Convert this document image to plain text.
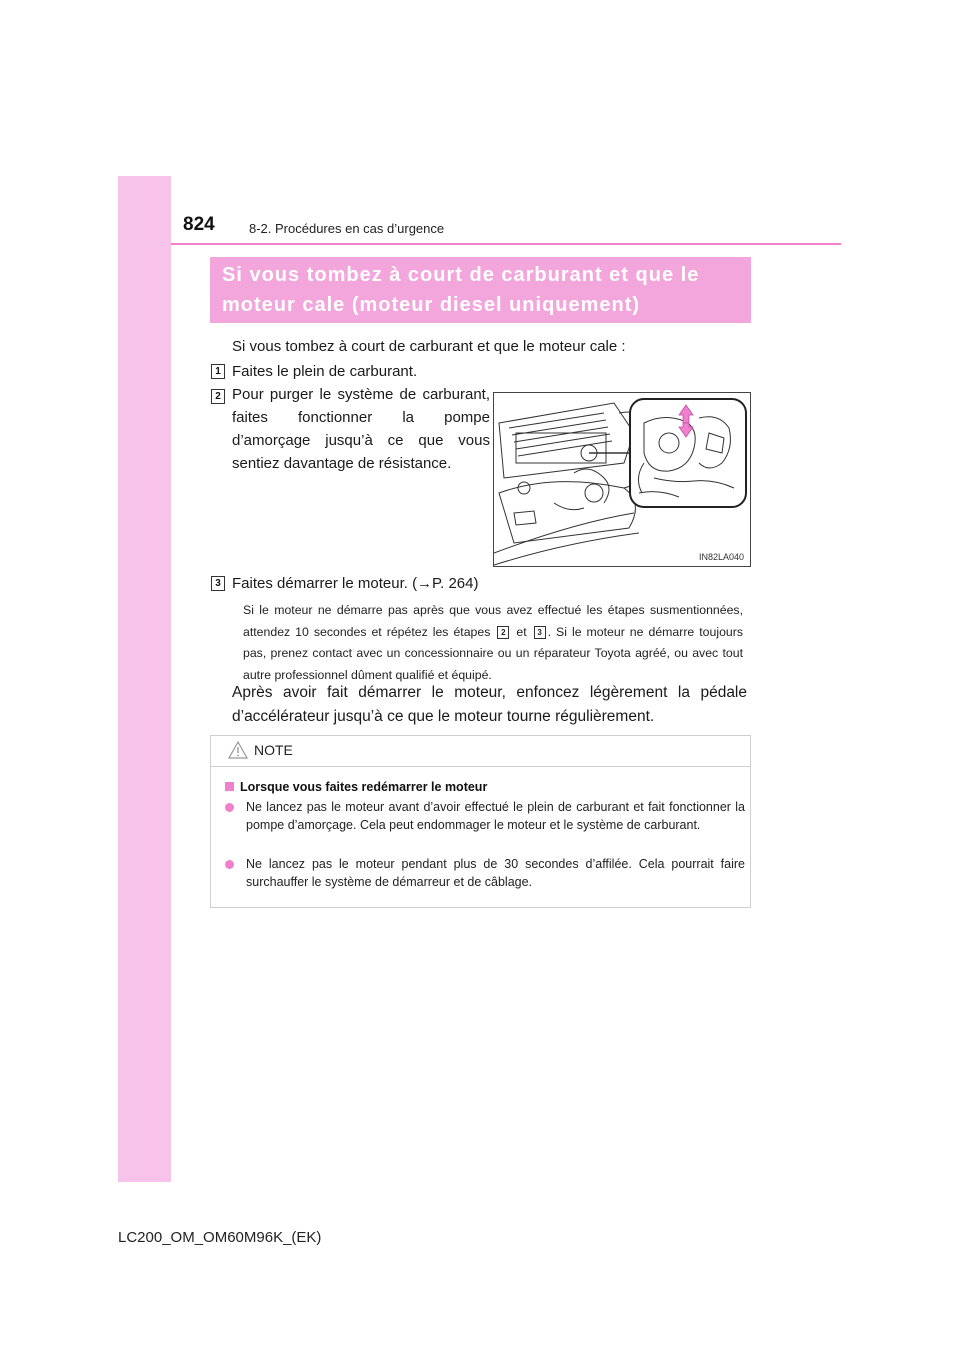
824	8-2. Procédures en cas d’urgence
Si vous tombez à court de carburant et que le moteur cale (moteur diesel uniquement)
Si vous tombez à court de carburant et que le moteur cale :
1 Faites le plein de carburant.
2 Pour purger le système de carburant, faites fonctionner la pompe d’amorçage jusqu’à ce que vous sentiez davantage de résistance.
IN82LA040
3 Faites démarrer le moteur. (→P. 264)
Si le moteur ne démarre pas après que vous avez effectué les étapes susmentionnées, attendez 10 secondes et répétez les étapes 2 et 3 . Si le moteur ne démarre toujours pas, prenez contact avec un concessionnaire ou un réparateur Toyota agréé, ou avec tout autre professionnel dûment qualifié et équipé.
Après avoir fait démarrer le moteur, enfoncez légèrement la pédale d’accélérateur jusqu’à ce que le moteur tourne régulièrement.
NOTE
Lorsque vous faites redémarrer le moteur
Ne lancez pas le moteur avant d’avoir effectué le plein de carburant et fait fonctionner la pompe d’amorçage. Cela peut endommager le moteur et le système de carburant.
Ne lancez pas le moteur pendant plus de 30 secondes d’affilée. Cela pourrait faire surchauffer le système de démarreur et de câblage.
LC200_OM_OM60M96K_(EK)
